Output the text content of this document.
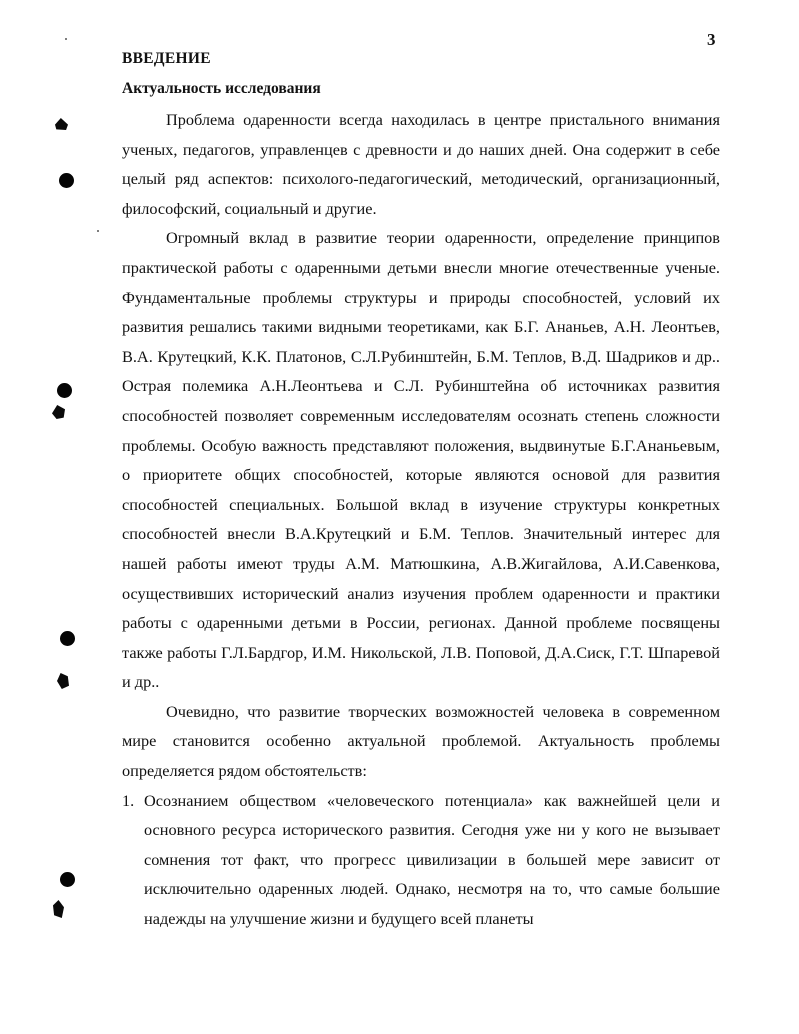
3
ВВЕДЕНИЕ
Актуальность исследования

Проблема одаренности всегда находилась в центре пристального внимания ученых, педагогов, управленцев с древности и до наших дней. Она содержит в себе целый ряд аспектов: психолого-педагогический, методический, организационный, философский, социальный и другие.

Огромный вклад в развитие теории одаренности, определение принципов практической работы с одаренными детьми внесли многие отечественные ученые. Фундаментальные проблемы структуры и природы способностей, условий их развития решались такими видными теоретиками, как Б.Г. Ананьев, А.Н. Леонтьев, В.А. Крутецкий, К.К. Платонов, С.Л.Рубинштейн, Б.М. Теплов, В.Д. Шадриков и др.. Острая полемика А.Н.Леонтьева и С.Л. Рубинштейна об источниках развития способностей позволяет современным исследователям осознать степень сложности проблемы. Особую важность представляют положения, выдвинутые Б.Г.Ананьевым, о приоритете общих способностей, которые являются основой для развития способностей специальных. Большой вклад в изучение структуры конкретных способностей внесли В.А.Крутецкий и Б.М. Теплов. Значительный интерес для нашей работы имеют труды А.М. Матюшкина, А.В.Жигайлова, А.И.Савенкова, осуществивших исторический анализ изучения проблем одаренности и практики работы с одаренными детьми в России, регионах. Данной проблеме посвящены также работы Г.Л.Бардгор, И.М. Никольской, Л.В. Поповой, Д.А.Сиск, Г.Т. Шпаревой и др..

Очевидно, что развитие творческих возможностей человека в современном мире становится особенно актуальной проблемой. Актуальность проблемы определяется рядом обстоятельств:

1. Осознанием обществом «человеческого потенциала» как важнейшей цели и основного ресурса исторического развития. Сегодня уже ни у кого не вызывает сомнения тот факт, что прогресс цивилизации в большей мере зависит от исключительно одаренных людей. Однако, несмотря на то, что самые большие надежды на улучшение жизни и будущего всей планеты
